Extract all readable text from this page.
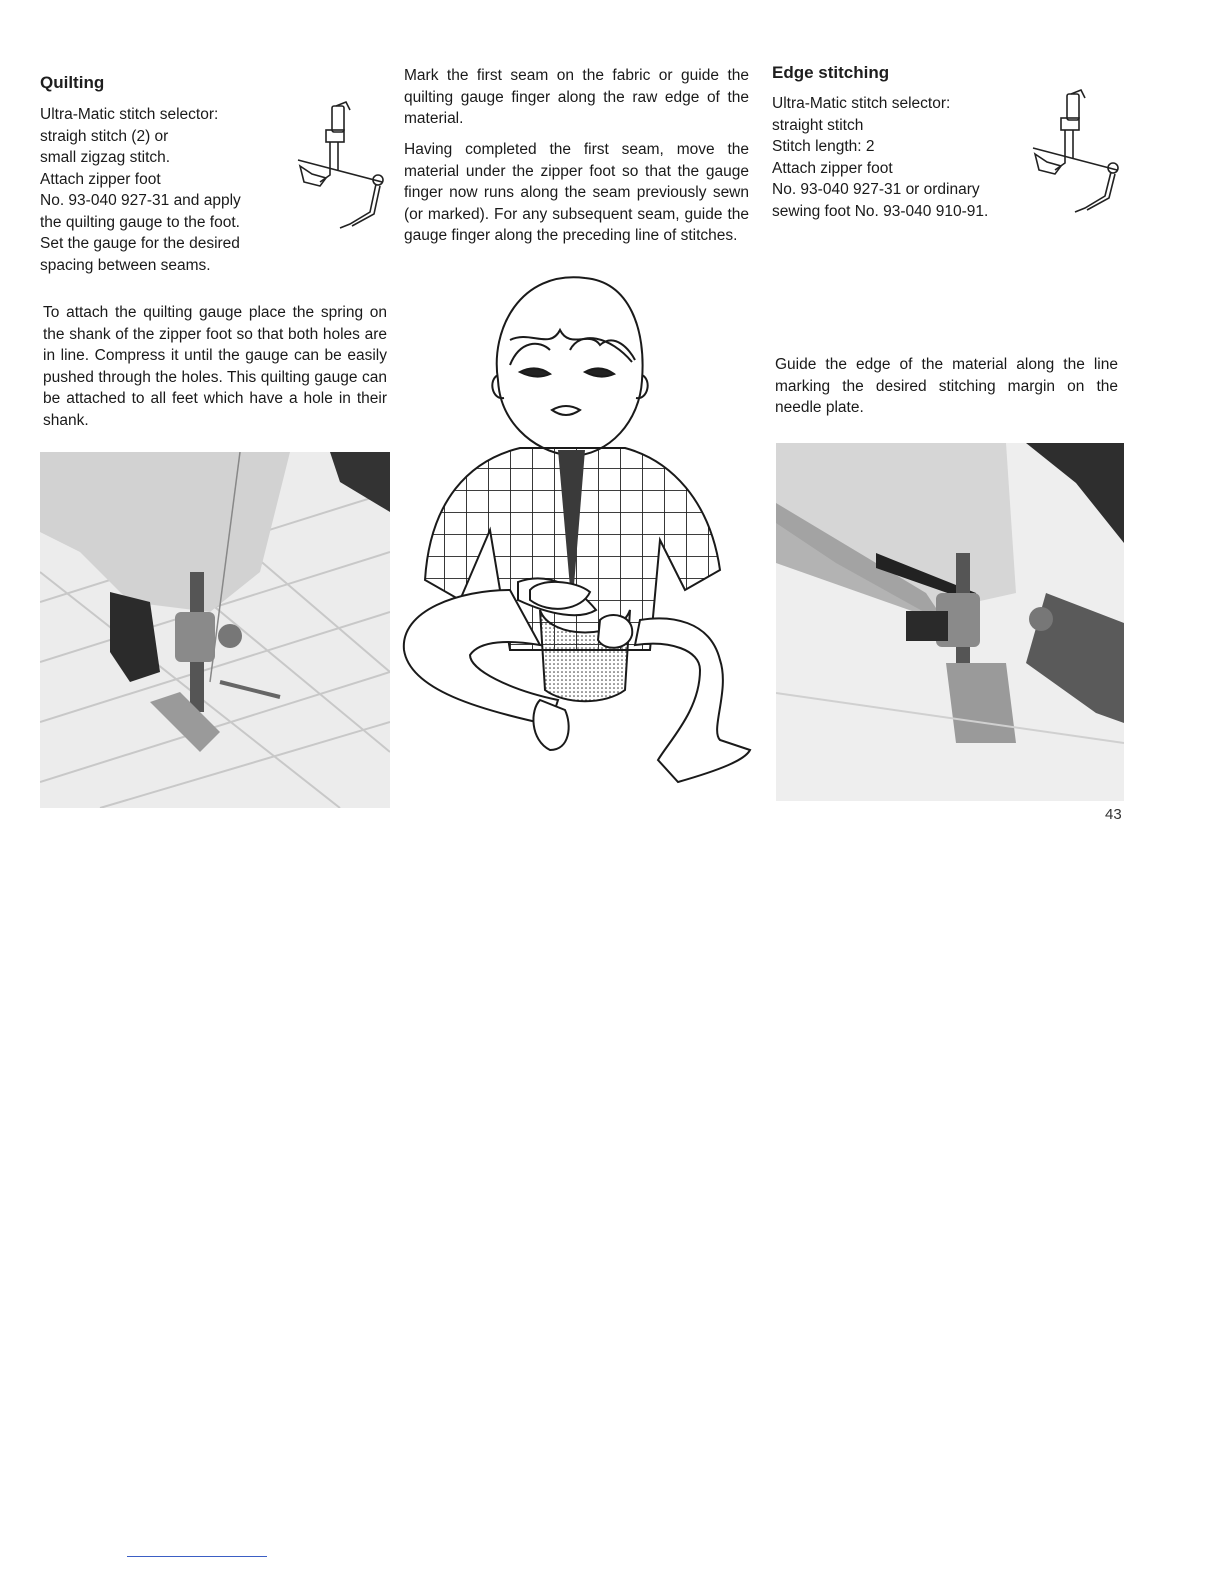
Quilting
Ultra-Matic stitch selector:
straigh stitch (2) or
small zigzag stitch.
Attach zipper foot
No. 93-040 927-31 and apply
the quilting gauge to the foot.
Set the gauge for the desired
spacing between seams.
To attach the quilting gauge place the spring on the shank of the zipper foot so that both holes are in line. Compress it until the gauge can be easily pushed through the holes. This quilting gauge can be attached to all feet which have a hole in their shank.
Mark the first seam on the fabric or guide the quilting gauge finger along the raw edge of the material.
Having completed the first seam, move the material under the zipper foot so that the gauge finger now runs along the seam previously sewn (or marked). For any subsequent seam, guide the gauge finger along the preceding line of stitches.
Edge stitching
Ultra-Matic stitch selector:
straight stitch
Stitch length: 2
Attach zipper foot
No. 93-040 927-31 or ordinary
sewing foot No. 93-040 910-91.
Guide the edge of the material along the line marking the desired stitching margin on the needle plate.
43
